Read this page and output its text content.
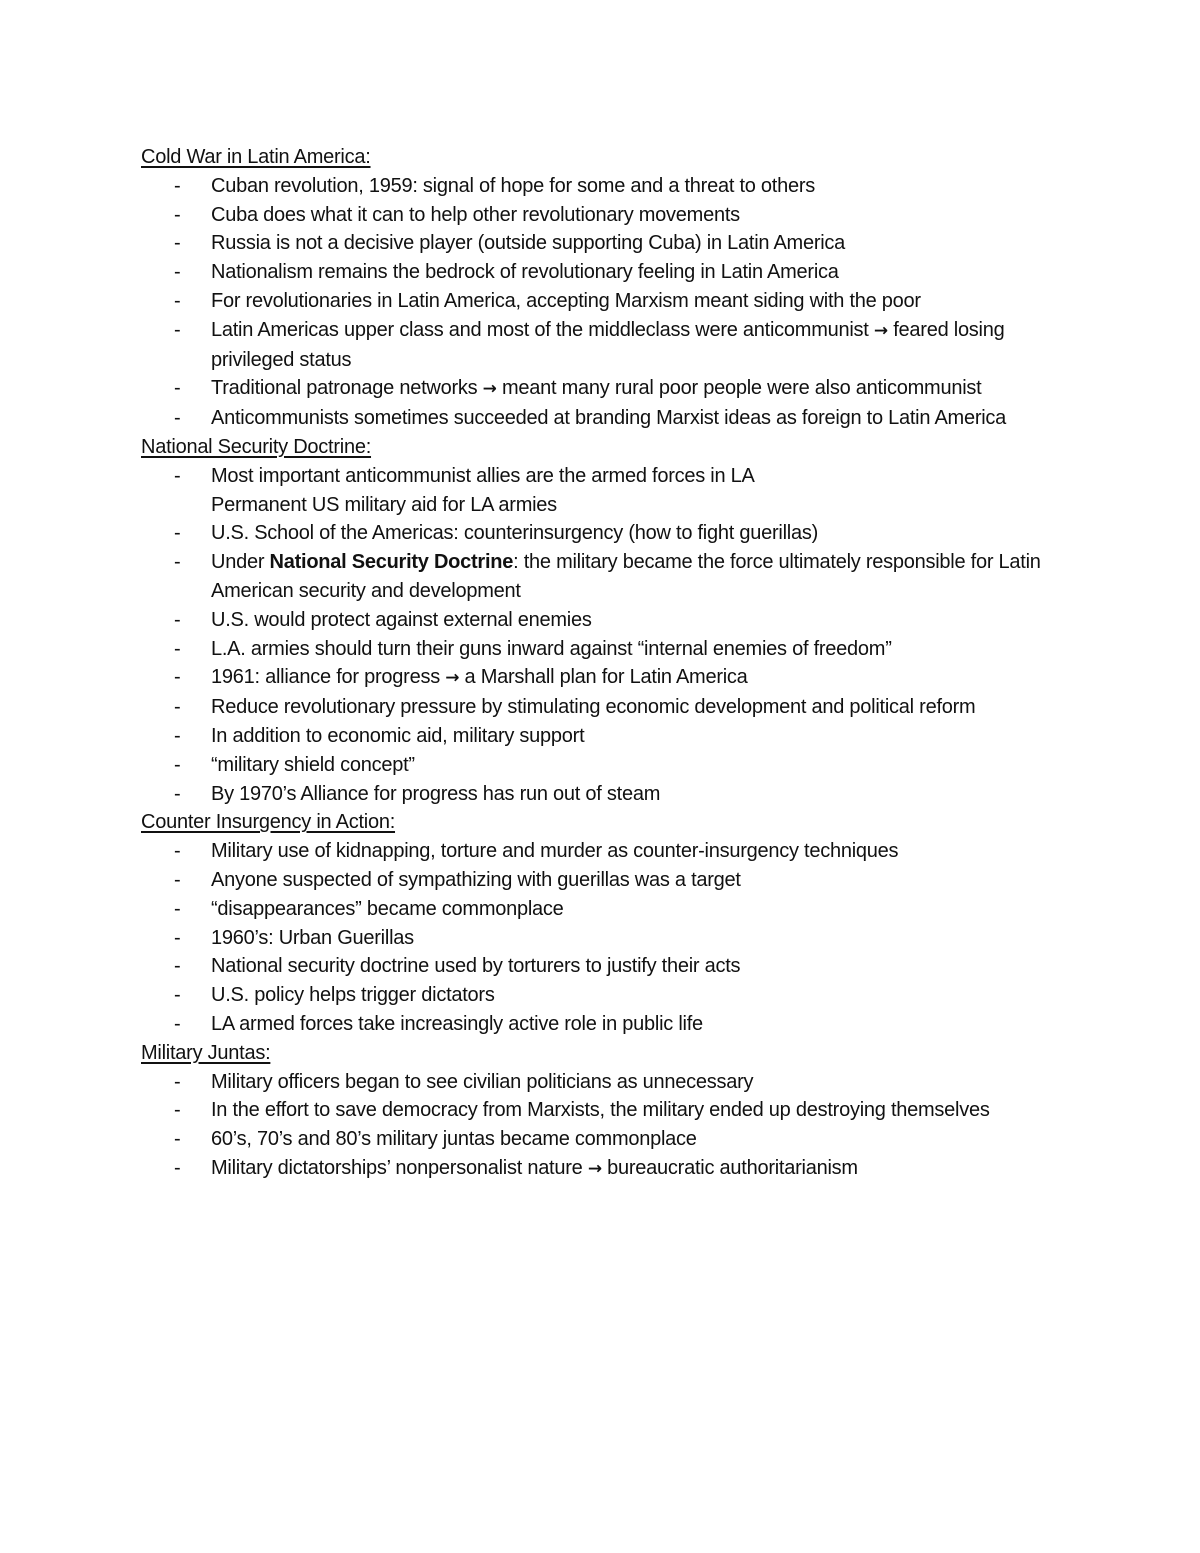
Cold War in Latin America:
- Cuban revolution, 1959: signal of hope for some and a threat to others
- Cuba does what it can to help other revolutionary movements
- Russia is not a decisive player (outside supporting Cuba) in Latin America
- Nationalism remains the bedrock of revolutionary feeling in Latin America
- For revolutionaries in Latin America, accepting Marxism meant siding with the poor
- Latin Americas upper class and most of the middleclass were anticommunist → feared losing privileged status
- Traditional patronage networks → meant many rural poor people were also anticommunist
- Anticommunists sometimes succeeded at branding Marxist ideas as foreign to Latin America
National Security Doctrine:
- Most important anticommunist allies are the armed forces in LA
Permanent US military aid for LA armies
- U.S. School of the Americas: counterinsurgency (how to fight guerillas)
- Under National Security Doctrine: the military became the force ultimately responsible for Latin American security and development
- U.S. would protect against external enemies
- L.A. armies should turn their guns inward against “internal enemies of freedom”
- 1961: alliance for progress → a Marshall plan for Latin America
- Reduce revolutionary pressure by stimulating economic development and political reform
- In addition to economic aid, military support
- “military shield concept”
- By 1970’s Alliance for progress has run out of steam
Counter Insurgency in Action:
- Military use of kidnapping, torture and murder as counter-insurgency techniques
- Anyone suspected of sympathizing with guerillas was a target
- “disappearances” became commonplace
- 1960’s: Urban Guerillas
- National security doctrine used by torturers to justify their acts
- U.S. policy helps trigger dictators
- LA armed forces take increasingly active role in public life
Military Juntas:
- Military officers began to see civilian politicians as unnecessary
- In the effort to save democracy from Marxists, the military ended up destroying themselves
- 60’s, 70’s and 80’s military juntas became commonplace
- Military dictatorships’ nonpersonalist nature → bureaucratic authoritarianism
